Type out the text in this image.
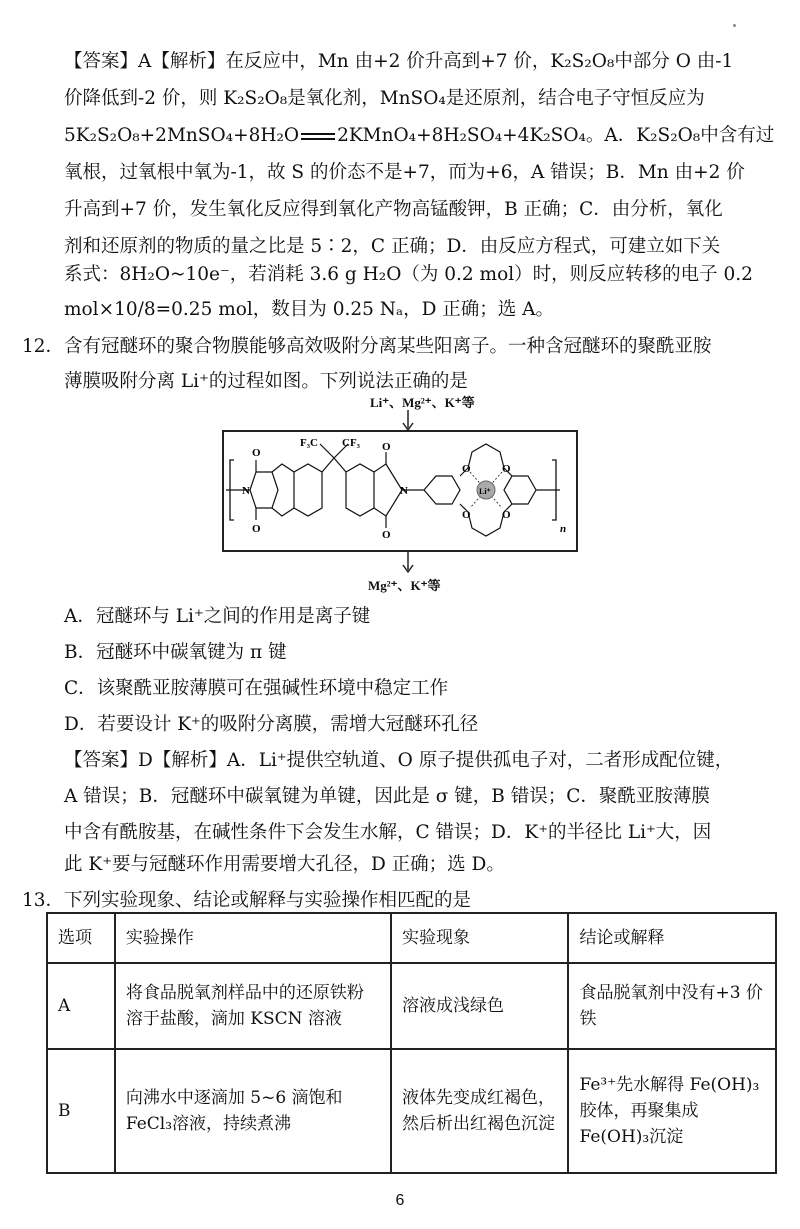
【答案】A【解析】在反应中，Mn 由+2 价升高到+7 价，K₂S₂O₈中部分 O 由-1
价降低到-2 价，则 K₂S₂O₈是氧化剂，MnSO₄是还原剂，结合电子守恒反应为
5K₂S₂O₈+2MnSO₄+8H₂O 2KMnO₄+8H₂SO₄+4K₂SO₄。A．K₂S₂O₈中含有过
氧根，过氧根中氧为-1，故 S 的价态不是+7，而为+6，A 错误；B．Mn 由+2 价
升高到+7 价，发生氧化反应得到氧化产物高锰酸钾，B 正确；C．由分析，氧化
剂和还原剂的物质的量之比是 5∶2，C 正确；D．由反应方程式，可建立如下关
系式：8H₂O~10e⁻，若消耗 3.6 g H₂O（为 0.2 mol）时，则反应转移的电子 0.2
mol×10/8=0.25 mol，数目为 0.25 Nₐ，D 正确；选 A。
12．含有冠醚环的聚合物膜能够高效吸附分离某些阳离子。一种含冠醚环的聚酰亚胺
薄膜吸附分离 Li⁺的过程如图。下列说法正确的是
Li⁺、Mg²⁺、K⁺等
Mg²⁺、K⁺等
O
O
N
F₃C CF₃ O
O
N
O	O
O	O
Li⁺
n
A．冠醚环与 Li⁺之间的作用是离子键
B．冠醚环中碳氧键为 π 键
C．该聚酰亚胺薄膜可在强碱性环境中稳定工作
D．若要设计 K⁺的吸附分离膜，需增大冠醚环孔径
【答案】D【解析】A．Li⁺提供空轨道、O 原子提供孤电子对，二者形成配位键，
A 错误；B．冠醚环中碳氧键为单键，因此是 σ 键，B 错误；C．聚酰亚胺薄膜
中含有酰胺基，在碱性条件下会发生水解，C 错误；D．K⁺的半径比 Li⁺大，因
此 K⁺要与冠醚环作用需要增大孔径，D 正确；选 D。
13．下列实验现象、结论或解释与实验操作相匹配的是
选项	实验操作	实验现象	结论或解释
A	将食品脱氧剂样品中的还原铁粉溶于盐酸，滴加 KSCN 溶液	溶液成浅绿色	食品脱氧剂中没有+3 价铁
B	向沸水中逐滴加 5~6 滴饱和 FeCl₃溶液，持续煮沸	液体先变成红褐色，然后析出红褐色沉淀	Fe³⁺先水解得 Fe(OH)₃胶体，再聚集成 Fe(OH)₃沉淀
6
